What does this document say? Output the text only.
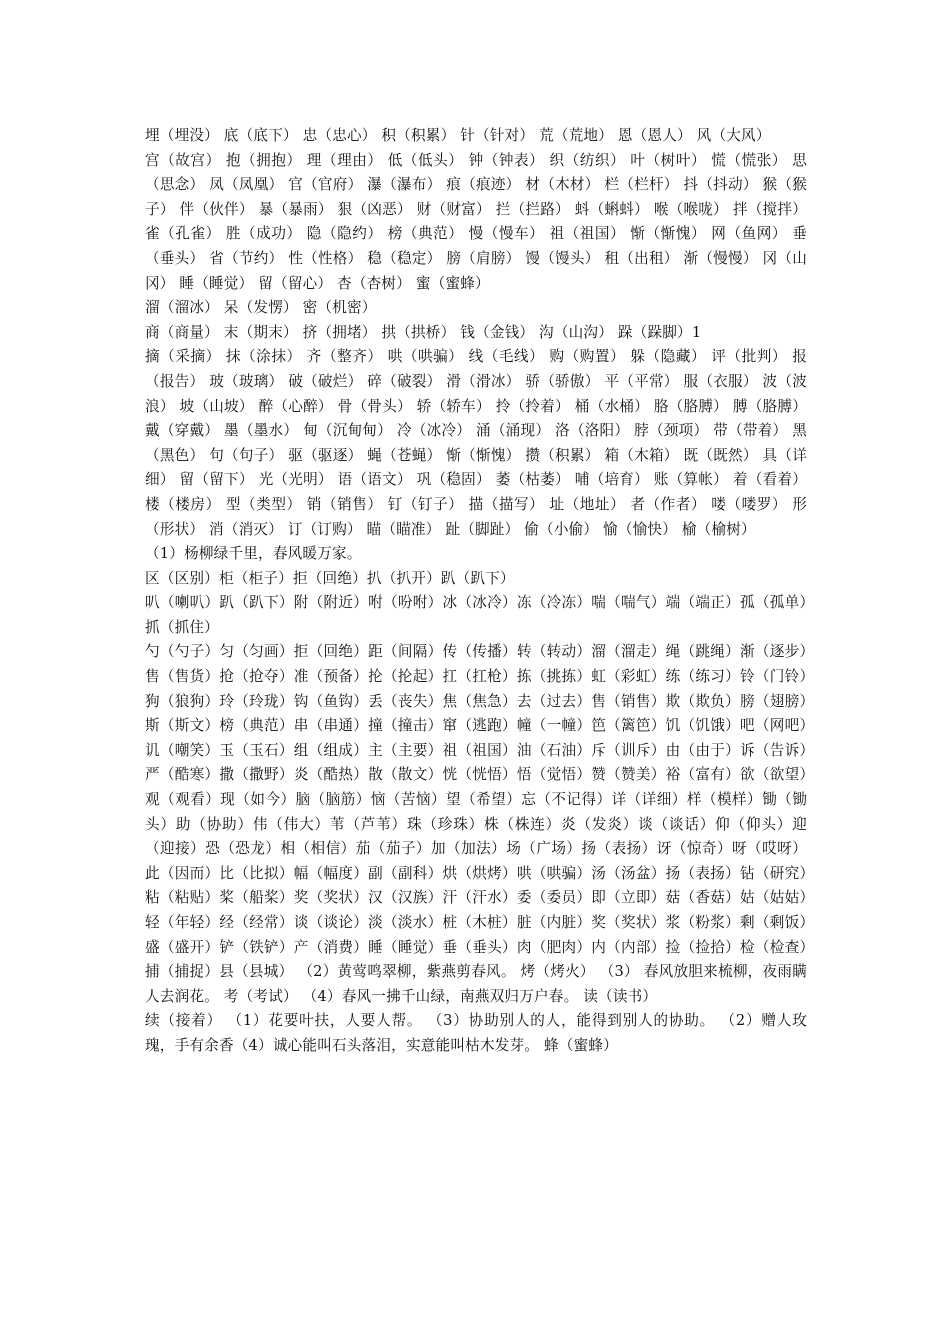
埋（埋没） 底（底下） 忠（忠心） 积（积累） 针（针对） 荒（荒地） 恩（恩人） 风（大风）

宫（故宫） 抱（拥抱） 理（理由） 低（低头） 钟（钟表） 织（纺织） 叶（树叶） 慌（慌张） 思（思念） 凤（凤凰） 官（官府） 瀑（瀑布） 痕（痕迹） 材（木材） 栏（栏杆） 抖（抖动） 猴（猴子） 伴（伙伴） 暴（暴雨） 狠（凶恶） 财（财富） 拦（拦路） 蚪（蝌蚪） 喉（喉咙） 拌（搅拌） 雀（孔雀） 胜（成功） 隐（隐约） 榜（典范） 慢（慢车） 祖（祖国） 惭（惭愧） 网（鱼网） 垂（垂头） 省（节约） 性（性格） 稳（稳定） 膀（肩膀） 馒（馒头） 租（出租） 渐（慢慢） 冈（山冈） 睡（睡觉） 留（留心） 杏（杏树） 蜜（蜜蜂）

溜（溜冰） 呆（发愣） 密（机密）

商（商量） 末（期末） 挤（拥堵） 拱（拱桥） 钱（金钱） 沟（山沟） 跺（跺脚）1

摘（采摘） 抹（涂抹） 齐（整齐） 哄（哄骗） 线（毛线） 购（购置） 躲（隐藏） 评（批判） 报（报告） 玻（玻璃） 破（破烂） 碎（破裂） 滑（滑冰） 骄（骄傲） 平（平常） 服（衣服） 波（波浪） 坡（山坡） 醉（心醉） 骨（骨头） 轿（轿车） 拎（拎着） 桶（水桶） 胳（胳膊） 膊（胳膊） 戴（穿戴） 墨（墨水） 甸（沉甸甸） 冷（冰冷） 涌（涌现） 洛（洛阳） 脖（颈项） 带（带着） 黑（黑色） 句（句子） 驱（驱逐） 蝇（苍蝇） 惭（惭愧） 攒（积累） 箱（木箱） 既（既然） 具（详细） 留（留下） 光（光明） 语（语文） 巩（稳固） 萎（枯萎） 哺（培育） 账（算帐） 着（看着） 楼（楼房） 型（类型） 销（销售） 钉（钉子） 描（描写） 址（地址） 者（作者） 喽（喽罗） 形（形状） 消（消灭） 订（订购） 瞄（瞄准） 趾（脚趾） 偷（小偷） 愉（愉快） 榆（榆树）

（1）杨柳绿千里，春风暖万家。

区（区别）柜（柜子）拒（回绝）扒（扒开）趴（趴下）

叭（喇叭）趴（趴下）附（附近）咐（吩咐）冰（冰冷）冻（冷冻）喘（喘气）端（端正）孤（孤单）抓（抓住）

勺（勺子）匀（匀画）拒（回绝）距（间隔）传（传播）转（转动）溜（溜走）绳（跳绳）渐（逐步）售（售货）抢（抢夺）准（预备）抡（抡起）扛（扛枪）拣（挑拣）虹（彩虹）练（练习）铃（门铃）狗（狼狗）玲（玲珑）钩（鱼钩）丢（丧失）焦（焦急）去（过去）售（销售）欺（欺负）膀（翅膀）斯（斯文）榜（典范）串（串通）撞（撞击）窜（逃跑）幢（一幢）笆（篱笆）饥（饥饿）吧（网吧）讥（嘲笑）玉（玉石）组（组成）主（主要）祖（祖国）油（石油）斥（训斥）由（由于）诉（告诉）严（酷寒）撒（撒野）炎（酷热）散（散文）恍（恍悟）悟（觉悟）赞（赞美）裕（富有）欲（欲望）观（观看）现（如今）脑（脑筋）恼（苦恼）望（希望）忘（不记得）详（详细）样（模样）锄（锄头）助（协助）伟（伟大）苇（芦苇）珠（珍珠）株（株连）炎（发炎）谈（谈话）仰（仰头）迎（迎接）恐（恐龙）相（相信）茄（茄子）加（加法）场（广场）扬（表扬）讶（惊奇）呀（哎呀）此（因而）比（比拟）幅（幅度）副（副科）烘（烘烤）哄（哄骗）汤（汤盆）扬（表扬）钻（研究）粘（粘贴）桨（船桨）奖（奖状）汉（汉族）汗（汗水）委（委员）即（立即）菇（香菇）姑（姑姑）轻（年轻）经（经常）谈（谈论）淡（淡水）桩（木桩）脏（内脏）奖（奖状）浆（粉浆）剩（剩饭）盛（盛开）铲（铁铲）产（消费）睡（睡觉）垂（垂头）肉（肥肉）内（内部）捡（捡拾）检（检查）捕（捕捉）县（县城） （2）黄莺鸣翠柳，紫燕剪春风。 烤（烤火） （3） 春风放胆来梳柳，夜雨瞒人去润花。 考（考试） （4）春风一拂千山绿，南燕双归万户春。 读（读书）

续（接着） （1）花要叶扶，人要人帮。 （3）协助别人的人，能得到别人的协助。 （2）赠人玫瑰，手有余香（4）诚心能叫石头落泪，实意能叫枯木发芽。 蜂（蜜蜂）
